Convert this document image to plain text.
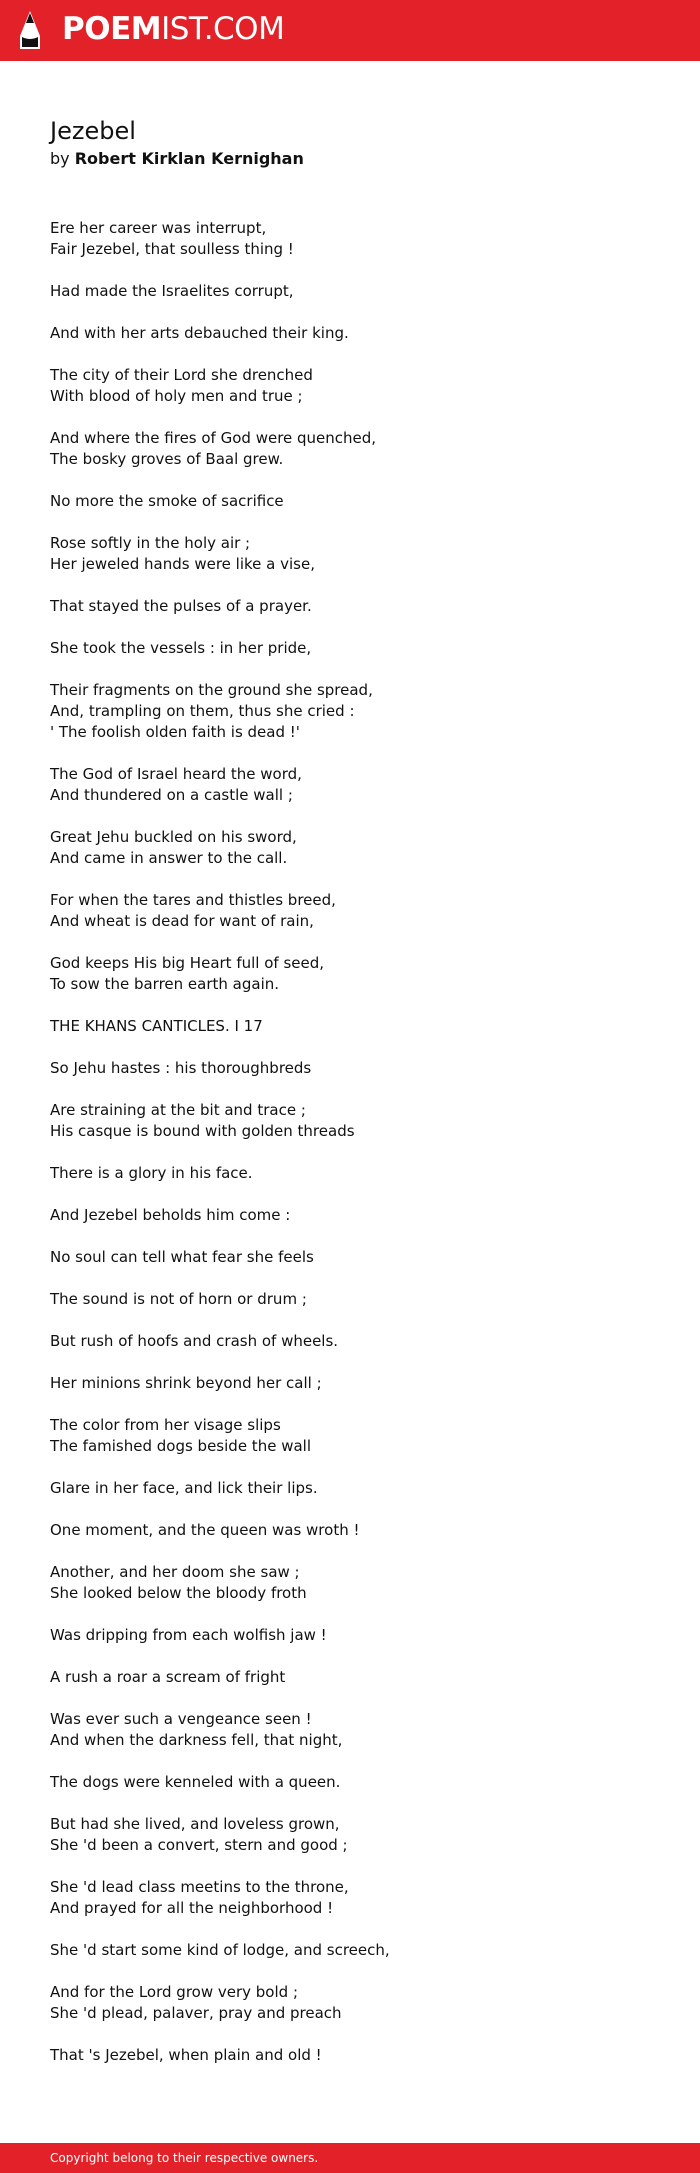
POEMIST.COM
Jezebel
by Robert Kirklan Kernighan

Ere her career was interrupt,
Fair Jezebel, that soulless thing !

Had made the Israelites corrupt,

And with her arts debauched their king.

The city of their Lord she drenched
With blood of holy men and true ;

And where the fires of God were quenched,
The bosky groves of Baal grew.

No more the smoke of sacrifice

Rose softly in the holy air ;
Her jeweled hands were like a vise,

That stayed the pulses of a prayer.

She took the vessels : in her pride,

Their fragments on the ground she spread,
And, trampling on them, thus she cried :
' The foolish olden faith is dead !'

The God of Israel heard the word,
And thundered on a castle wall ;

Great Jehu buckled on his sword,
And came in answer to the call.

For when the tares and thistles breed,
And wheat is dead for want of rain,

God keeps His big Heart full of seed,
To sow the barren earth again.

THE KHANS CANTICLES. I 17

So Jehu hastes : his thoroughbreds

Are straining at the bit and trace ;
His casque is bound with golden threads

There is a glory in his face.

And Jezebel beholds him come :

No soul can tell what fear she feels

The sound is not of horn or drum ;

But rush of hoofs and crash of wheels.

Her minions shrink beyond her call ;

The color from her visage slips
The famished dogs beside the wall

Glare in her face, and lick their lips.

One moment, and the queen was wroth !

Another, and her doom she saw ;
She looked below the bloody froth

Was dripping from each wolfish jaw !

A rush a roar a scream of fright

Was ever such a vengeance seen !
And when the darkness fell, that night,

The dogs were kenneled with a queen.

But had she lived, and loveless grown,
She 'd been a convert, stern and good ;

She 'd lead class meetins to the throne,
And prayed for all the neighborhood !

She 'd start some kind of lodge, and screech,

And for the Lord grow very bold ;
She 'd plead, palaver, pray and preach

That 's Jezebel, when plain and old !

Copyright belong to their respective owners.
